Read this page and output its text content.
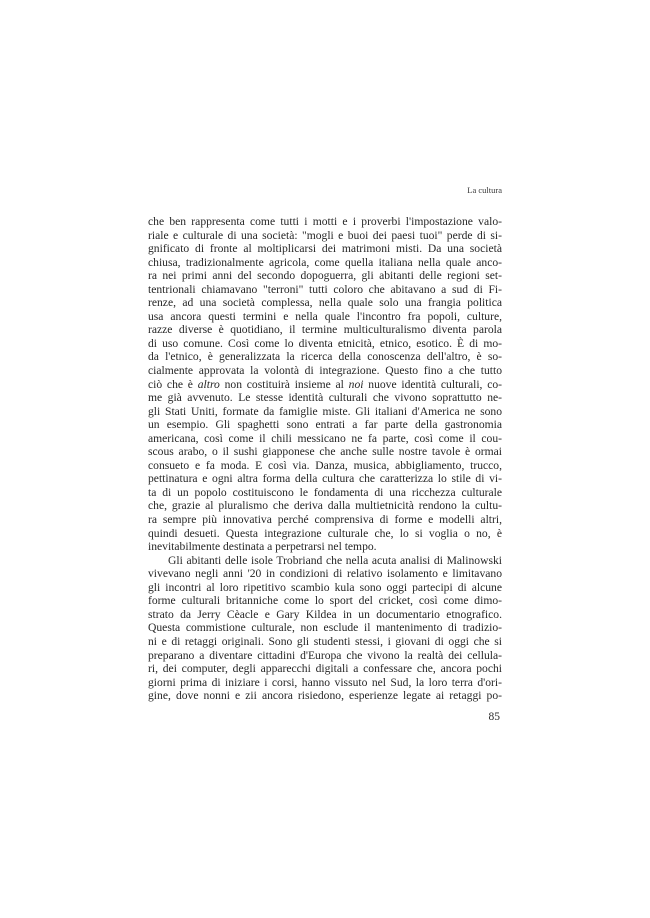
La cultura
che ben rappresenta come tutti i motti e i proverbi l'impostazione valo-
riale e culturale di una società: "mogli e buoi dei paesi tuoi" perde di si-
gnificato di fronte al moltiplicarsi dei matrimoni misti. Da una società
chiusa, tradizionalmente agricola, come quella italiana nella quale anco-
ra nei primi anni del secondo dopoguerra, gli abitanti delle regioni set-
tentrionali chiamavano "terroni" tutti coloro che abitavano a sud di Fi-
renze, ad una società complessa, nella quale solo una frangia politica
usa ancora questi termini e nella quale l'incontro fra popoli, culture,
razze diverse è quotidiano, il termine multiculturalismo diventa parola
di uso comune. Così come lo diventa etnicità, etnico, esotico. È di mo-
da l'etnico, è generalizzata la ricerca della conoscenza dell'altro, è so-
cialmente approvata la volontà di integrazione. Questo fino a che tutto
ciò che è altro non costituirà insieme al noi nuove identità culturali, co-
me già avvenuto. Le stesse identità culturali che vivono soprattutto ne-
gli Stati Uniti, formate da famiglie miste. Gli italiani d'America ne sono
un esempio. Gli spaghetti sono entrati a far parte della gastronomia
americana, così come il chili messicano ne fa parte, così come il cou-
scous arabo, o il sushi giapponese che anche sulle nostre tavole è ormai
consueto e fa moda. E così via. Danza, musica, abbigliamento, trucco,
pettinatura e ogni altra forma della cultura che caratterizza lo stile di vi-
ta di un popolo costituiscono le fondamenta di una ricchezza culturale
che, grazie al pluralismo che deriva dalla multietnicità rendono la cultu-
ra sempre più innovativa perché comprensiva di forme e modelli altri,
quindi desueti. Questa integrazione culturale che, lo si voglia o no, è
inevitabilmente destinata a perpetrarsi nel tempo.
Gli abitanti delle isole Trobriand che nella acuta analisi di Malinowski
vivevano negli anni '20 in condizioni di relativo isolamento e limitavano
gli incontri al loro ripetitivo scambio kula sono oggi partecipi di alcune
forme culturali britanniche come lo sport del cricket, così come dimo-
strato da Jerry Cèacle e Gary Kildea in un documentario etnografico.
Questa commistione culturale, non esclude il mantenimento di tradizio-
ni e di retaggi originali. Sono gli studenti stessi, i giovani di oggi che si
preparano a diventare cittadini d'Europa che vivono la realtà dei cellula-
ri, dei computer, degli apparecchi digitali a confessare che, ancora pochi
giorni prima di iniziare i corsi, hanno vissuto nel Sud, la loro terra d'ori-
gine, dove nonni e zii ancora risiedono, esperienze legate ai retaggi po-
85
